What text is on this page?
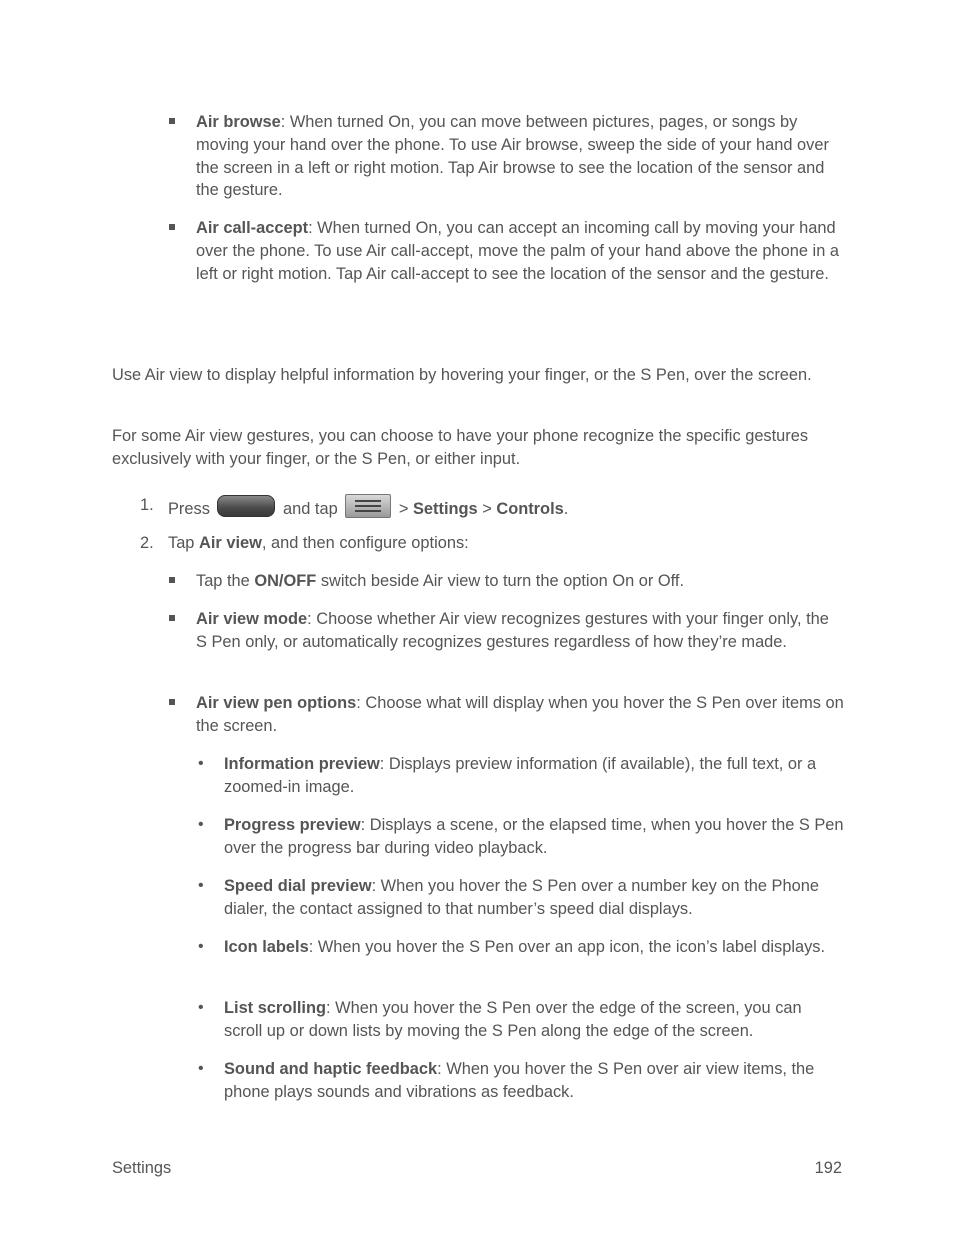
Air browse: When turned On, you can move between pictures, pages, or songs by moving your hand over the phone. To use Air browse, sweep the side of your hand over the screen in a left or right motion. Tap Air browse to see the location of the sensor and the gesture.
Air call-accept: When turned On, you can accept an incoming call by moving your hand over the phone. To use Air call-accept, move the palm of your hand above the phone in a left or right motion. Tap Air call-accept to see the location of the sensor and the gesture.
Use Air view to display helpful information by hovering your finger, or the S Pen, over the screen.
For some Air view gestures, you can choose to have your phone recognize the specific gestures exclusively with your finger, or the S Pen, or either input.
1. Press	and tap	> Settings > Controls.
2. Tap Air view, and then configure options:
Tap the ON/OFF switch beside Air view to turn the option On or Off.
Air view mode: Choose whether Air view recognizes gestures with your finger only, the S Pen only, or automatically recognizes gestures regardless of how they’re made.
Air view pen options: Choose what will display when you hover the S Pen over items on the screen.
• Information preview: Displays preview information (if available), the full text, or a zoomed-in image.
• Progress preview: Displays a scene, or the elapsed time, when you hover the S Pen over the progress bar during video playback.
• Speed dial preview: When you hover the S Pen over a number key on the Phone dialer, the contact assigned to that number’s speed dial displays.
• Icon labels: When you hover the S Pen over an app icon, the icon’s label displays.
• List scrolling: When you hover the S Pen over the edge of the screen, you can scroll up or down lists by moving the S Pen along the edge of the screen.
• Sound and haptic feedback: When you hover the S Pen over air view items, the phone plays sounds and vibrations as feedback.
Settings	192
